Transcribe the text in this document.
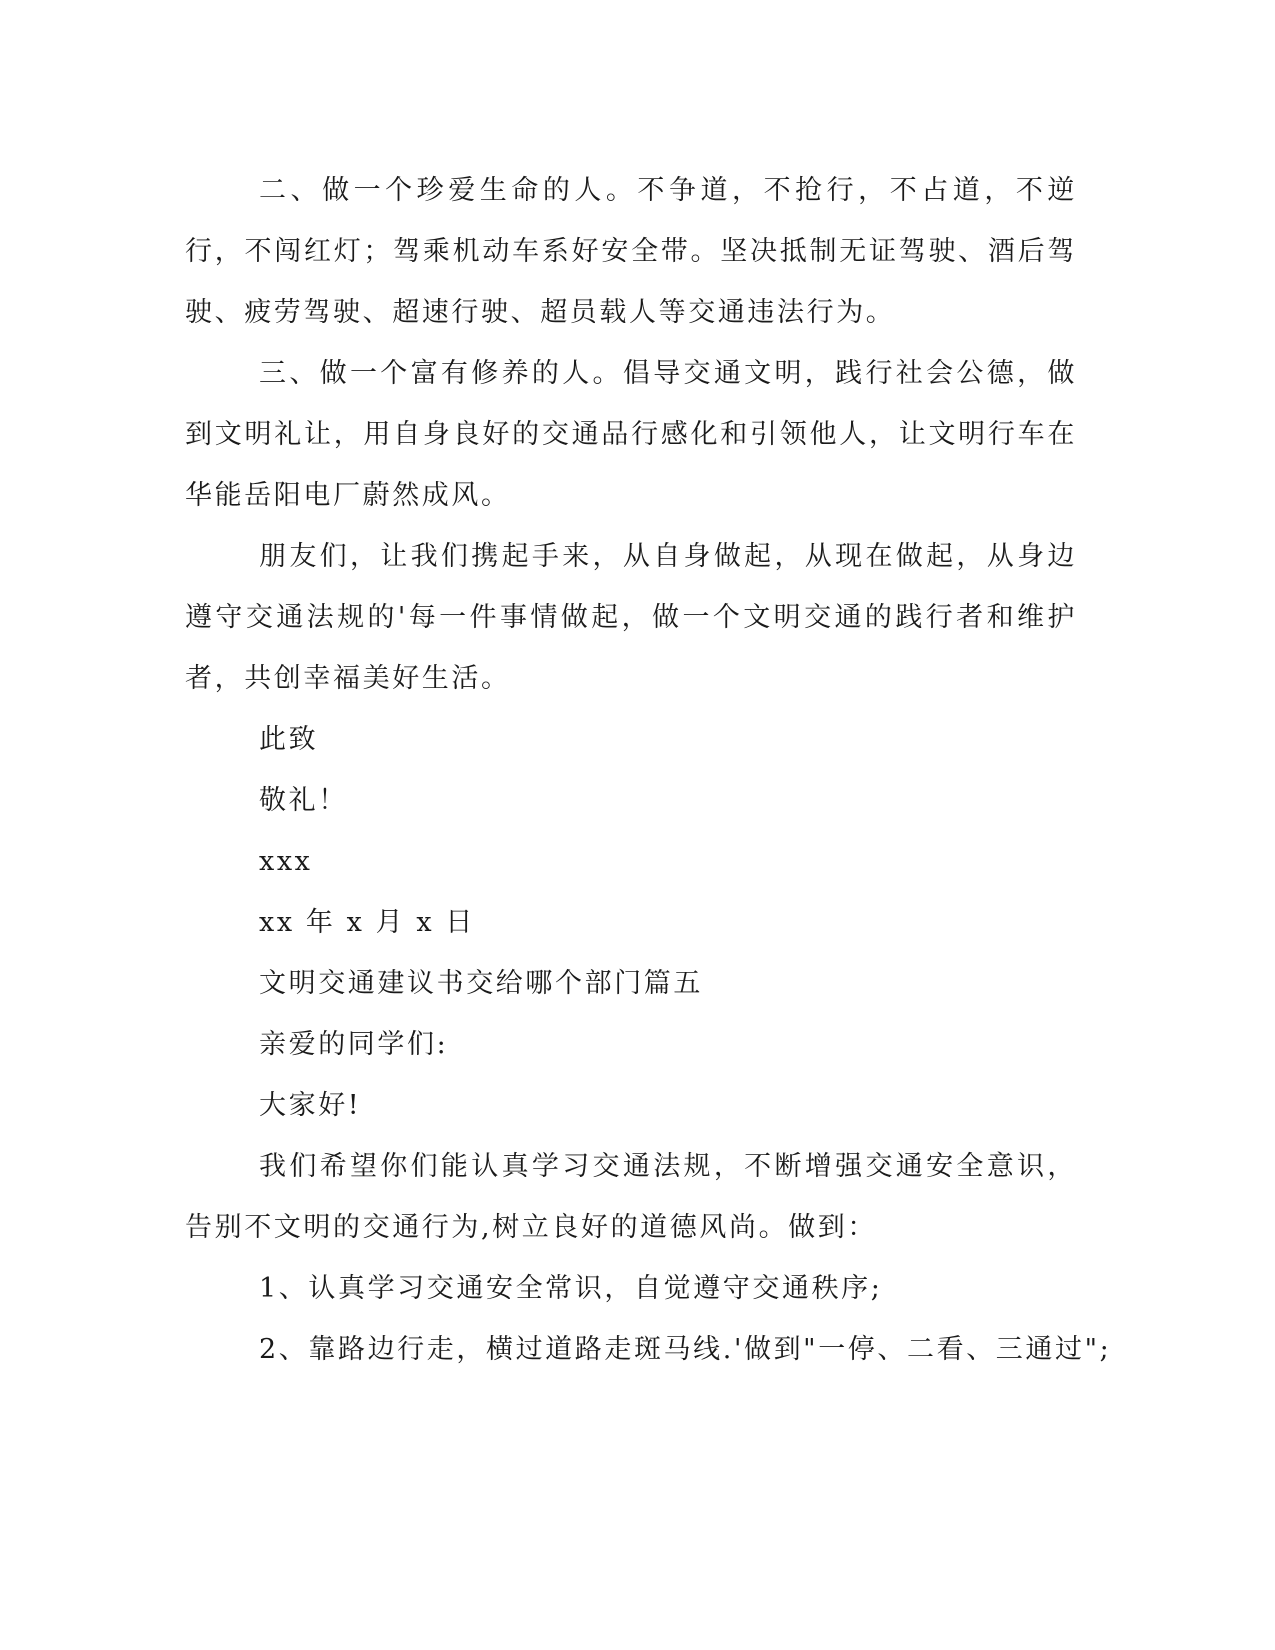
二、做一个珍爱生命的人。不争道，不抢行，不占道，不逆行，不闯红灯；驾乘机动车系好安全带。坚决抵制无证驾驶、酒后驾驶、疲劳驾驶、超速行驶、超员载人等交通违法行为。

三、做一个富有修养的人。倡导交通文明，践行社会公德，做到文明礼让，用自身良好的交通品行感化和引领他人，让文明行车在华能岳阳电厂蔚然成风。

朋友们，让我们携起手来，从自身做起，从现在做起，从身边遵守交通法规的'每一件事情做起，做一个文明交通的践行者和维护者，共创幸福美好生活。

此致

敬礼！

xxx

xx 年 x 月 x 日

文明交通建议书交给哪个部门篇五

亲爱的同学们:

大家好!

我们希望你们能认真学习交通法规，不断增强交通安全意识，告别不文明的交通行为,树立良好的道德风尚。做到：

1、认真学习交通安全常识，自觉遵守交通秩序;

2、靠路边行走，横过道路走斑马线.'做到"一停、二看、三通过";
